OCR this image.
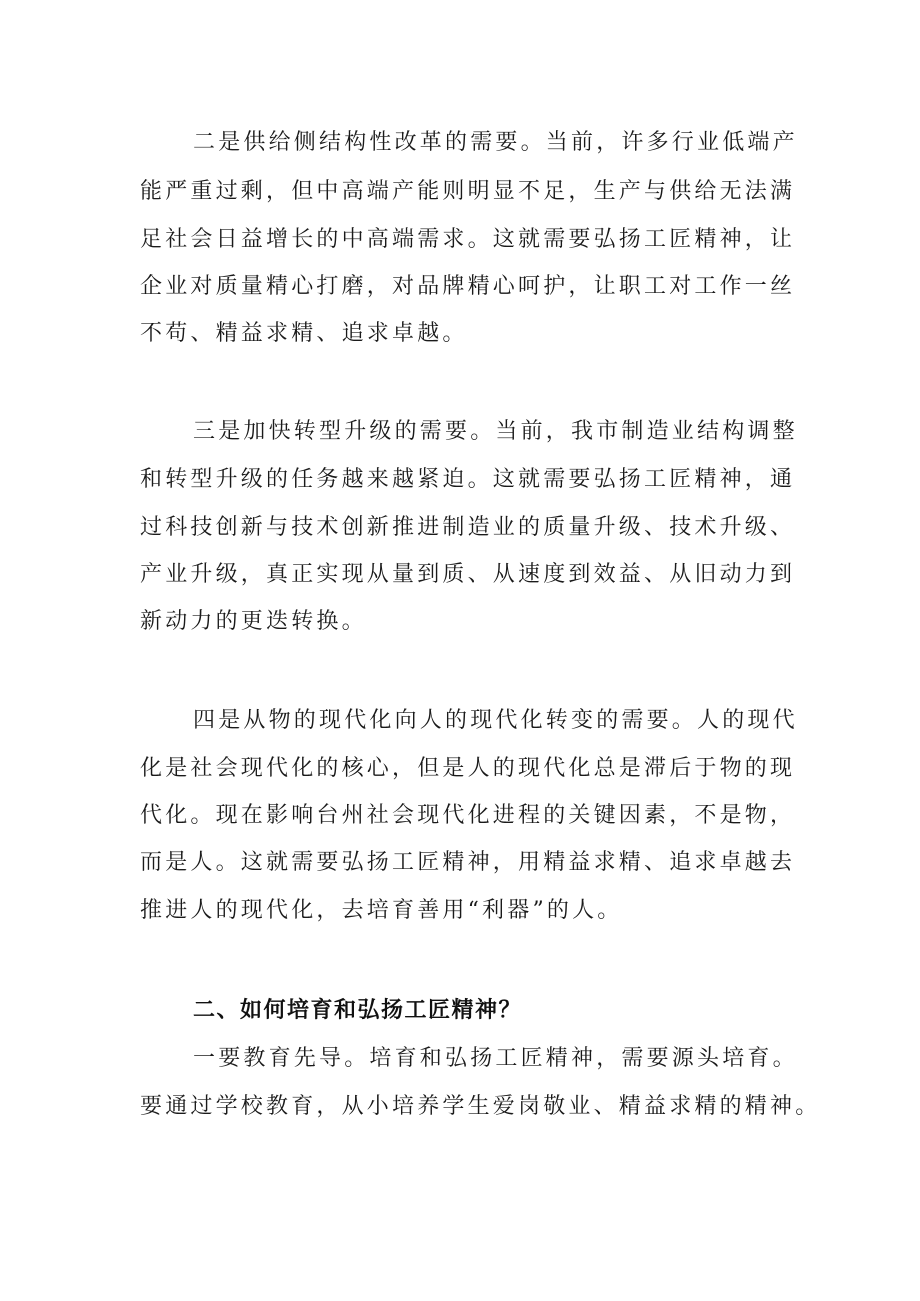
二是供给侧结构性改革的需要。当前，许多行业低端产

能严重过剩，但中高端产能则明显不足，生产与供给无法满

足社会日益增长的中高端需求。这就需要弘扬工匠精神，让

企业对质量精心打磨，对品牌精心呵护，让职工对工作一丝

不苟、精益求精、追求卓越。

三是加快转型升级的需要。当前，我市制造业结构调整

和转型升级的任务越来越紧迫。这就需要弘扬工匠精神，通

过科技创新与技术创新推进制造业的质量升级、技术升级、

产业升级，真正实现从量到质、从速度到效益、从旧动力到

新动力的更迭转换。

四是从物的现代化向人的现代化转变的需要。人的现代

化是社会现代化的核心，但是人的现代化总是滞后于物的现

代化。现在影响台州社会现代化进程的关键因素，不是物，

而是人。这就需要弘扬工匠精神，用精益求精、追求卓越去

推进人的现代化，去培育善用“利器”的人。

二、如何培育和弘扬工匠精神？

一要教育先导。培育和弘扬工匠精神，需要源头培育。

要通过学校教育，从小培养学生爱岗敬业、精益求精的精神。
